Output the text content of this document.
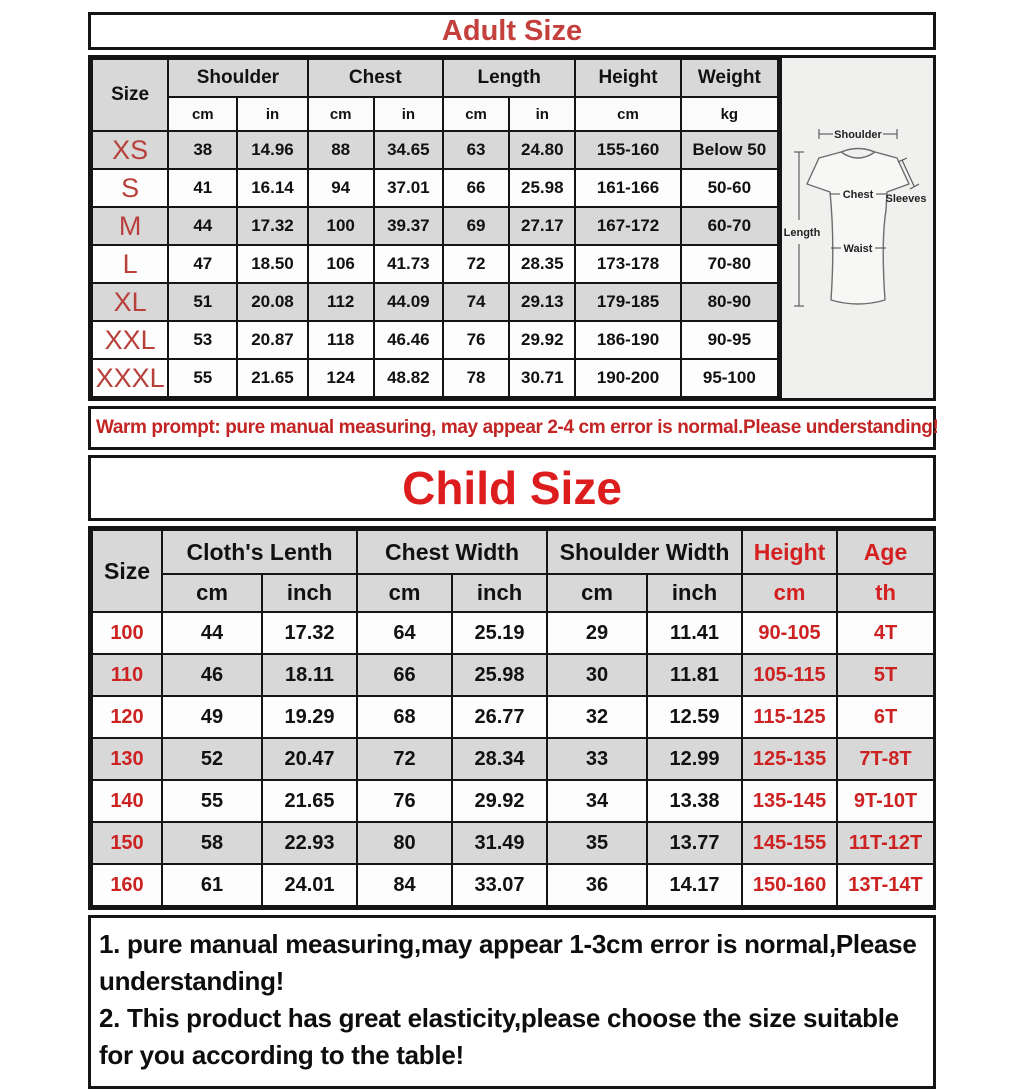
Adult Size
Size	Shoulder		Chest		Length		Height	Weight
	cm	in	cm	in	cm	in	cm	kg
XS	38	14.96	88	34.65	63	24.80	155-160	Below 50
S	41	16.14	94	37.01	66	25.98	161-166	50-60
M	44	17.32	100	39.37	69	27.17	167-172	60-70
L	47	18.50	106	41.73	72	28.35	173-178	70-80
XL	51	20.08	112	44.09	74	29.13	179-185	80-90
XXL	53	20.87	118	46.46	76	29.92	186-190	90-95
XXXL	55	21.65	124	48.82	78	30.71	190-200	95-100
Shoulder
Sleeves
Chest
Waist
Length
Warm prompt: pure manual measuring, may appear 2-4 cm error is normal.Please understanding!
Child Size
Size	Cloth's Lenth		Chest Width		Shoulder Width		Height	Age
	cm	inch	cm	inch	cm	inch	cm	th
100	44	17.32	64	25.19	29	11.41	90-105	4T
110	46	18.11	66	25.98	30	11.81	105-115	5T
120	49	19.29	68	26.77	32	12.59	115-125	6T
130	52	20.47	72	28.34	33	12.99	125-135	7T-8T
140	55	21.65	76	29.92	34	13.38	135-145	9T-10T
150	58	22.93	80	31.49	35	13.77	145-155	11T-12T
160	61	24.01	84	33.07	36	14.17	150-160	13T-14T
1. pure manual measuring,may appear 1-3cm error is normal,Please understanding!
2. This product has great elasticity,please choose the size suitable for you according to the table!
